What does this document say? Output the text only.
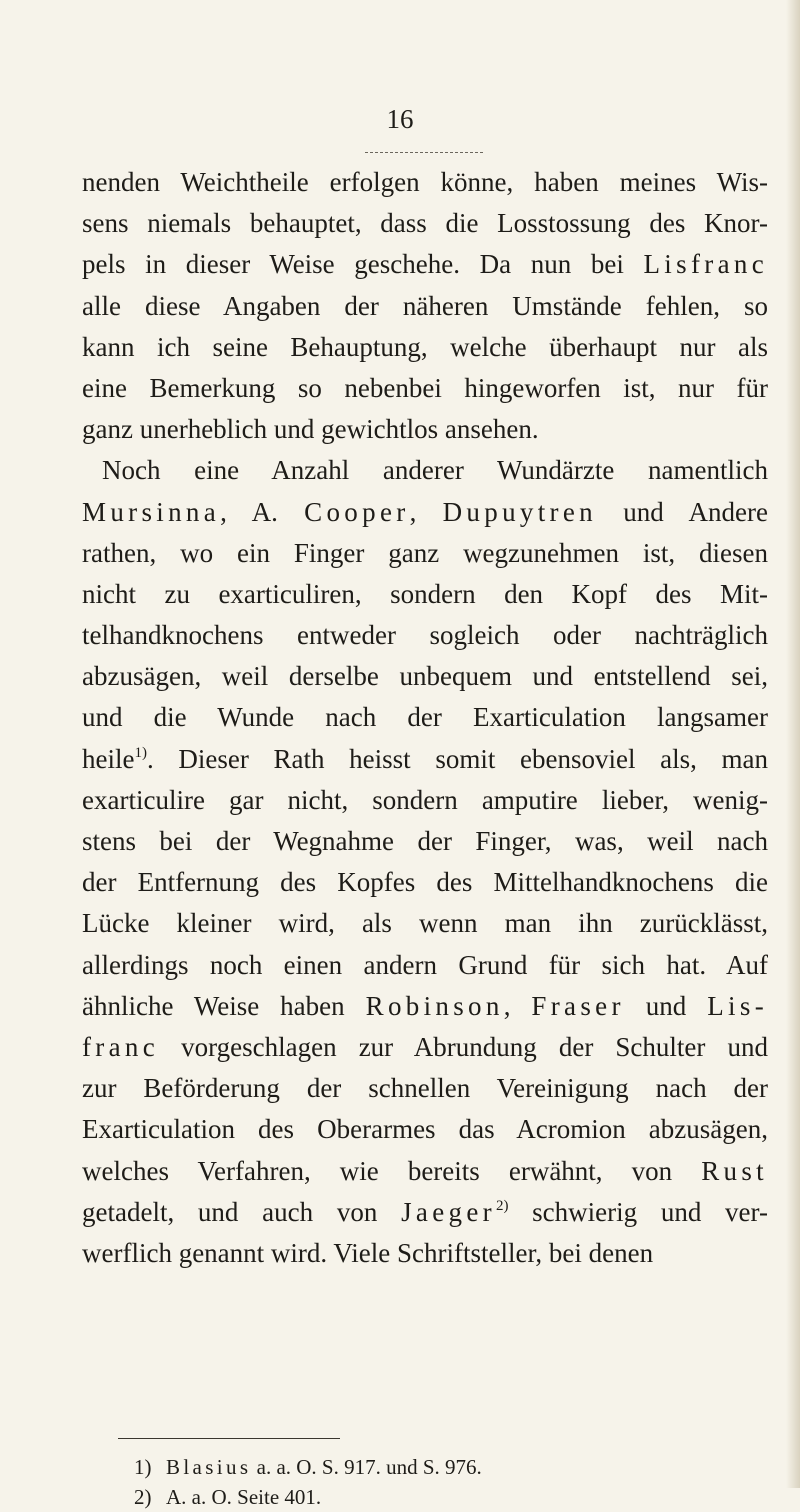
16
nenden Weichtheile erfolgen könne, haben meines Wis-
sens niemals behauptet, dass die Losstossung des Knor-
pels in dieser Weise geschehe. Da nun bei Lisfranc
alle diese Angaben der näheren Umstände fehlen, so
kann ich seine Behauptung, welche überhaupt nur als
eine Bemerkung so nebenbei hingeworfen ist, nur für
ganz unerheblich und gewichtlos ansehen.
Noch eine Anzahl anderer Wundärzte namentlich
Mursinna, A. Cooper, Dupuytren und Andere
rathen, wo ein Finger ganz wegzunehmen ist, diesen
nicht zu exarticuliren, sondern den Kopf des Mit-
telhandknochens entweder sogleich oder nachträglich
abzusägen, weil derselbe unbequem und entstellend sei,
und die Wunde nach der Exarticulation langsamer
heile$^{1)}$. Dieser Rath heisst somit ebensoviel als, man
exarticulire gar nicht, sondern amputire lieber, wenig-
stens bei der Wegnahme der Finger, was, weil nach
der Entfernung des Kopfes des Mittelhandknochens die
Lücke kleiner wird, als wenn man ihn zurücklässt,
allerdings noch einen andern Grund für sich hat. Auf
ähnliche Weise haben Robinson, Fraser und Lis-
franc vorgeschlagen zur Abrundung der Schulter und
zur Beförderung der schnellen Vereinigung nach der
Exarticulation des Oberarmes das Acromion abzusägen,
welches Verfahren, wie bereits erwähnt, von Rust
getadelt, und auch von Jaeger$^{2)}$ schwierig und ver-
werflich genannt wird. Viele Schriftsteller, bei denen
1) Blasius a. a. O. S. 917. und S. 976.
2) A. a. O. Seite 401.
